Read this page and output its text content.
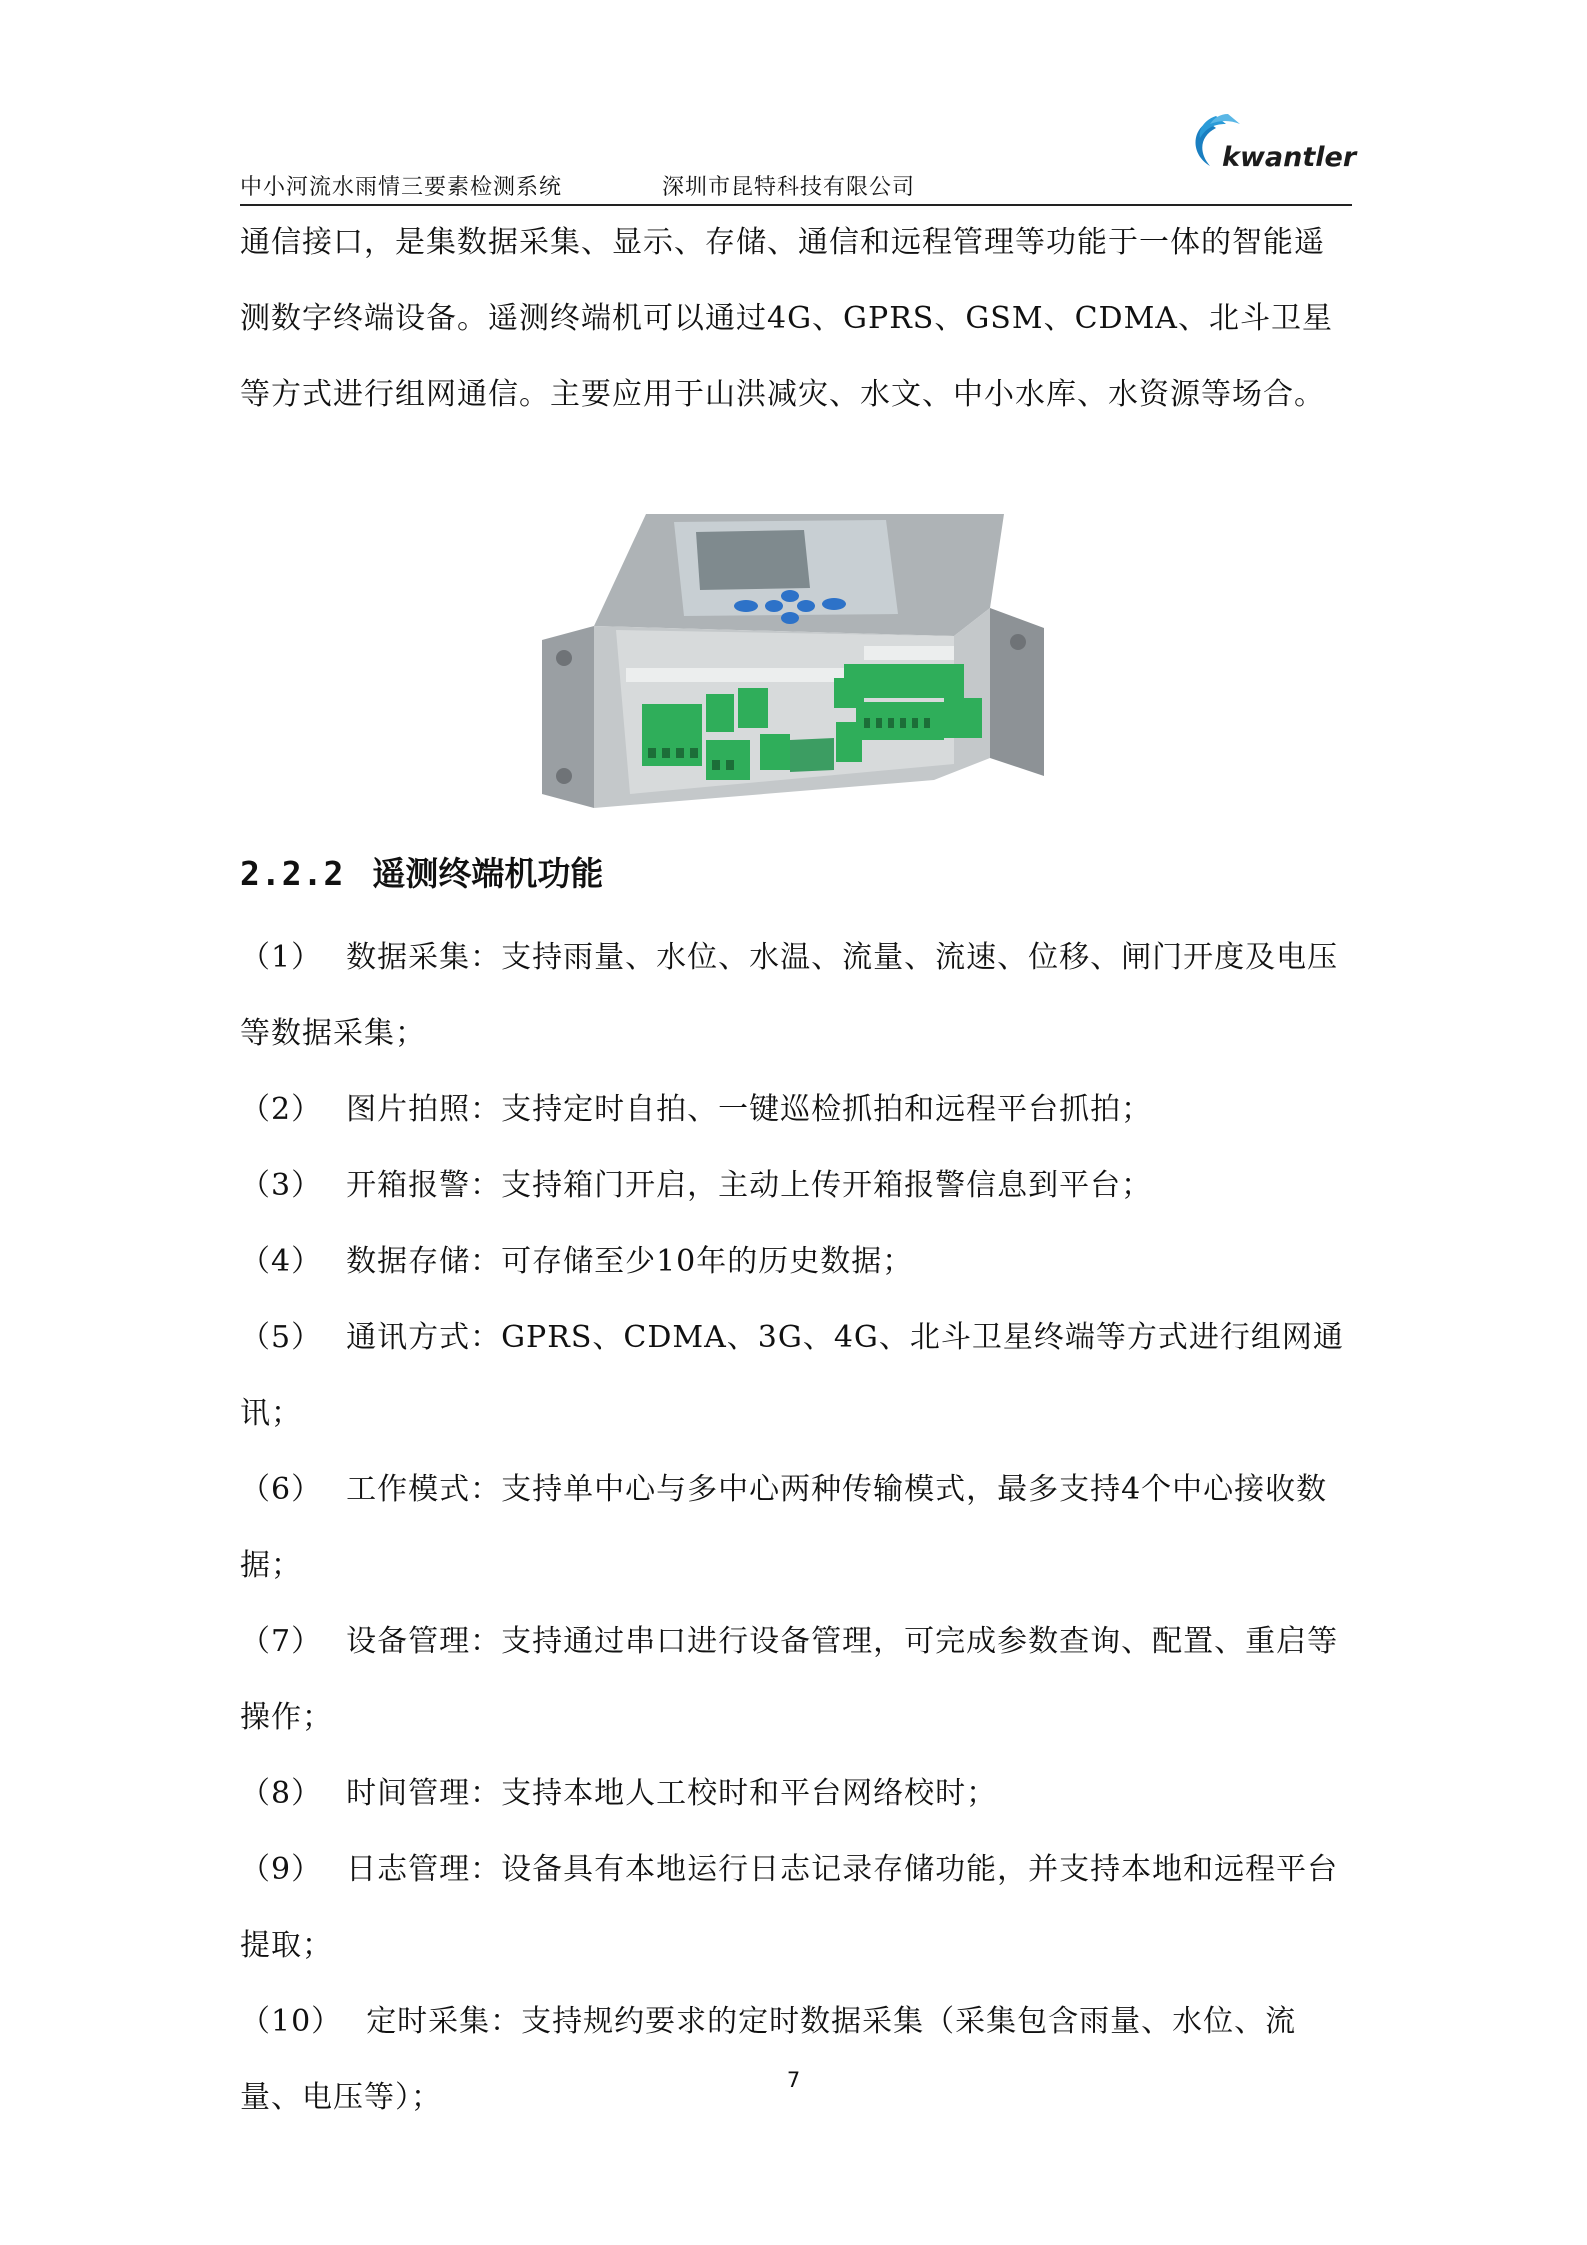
中小河流水雨情三要素检测系统	深圳市昆特科技有限公司
kwantler

通信接口，是集数据采集、显示、存储、通信和远程管理等功能于一体的智能遥测数字终端设备。遥测终端机可以通过4G、GPRS、GSM、CDMA、北斗卫星等方式进行组网通信。主要应用于山洪减灾、水文、中小水库、水资源等场合。

2.2.2 遥测终端机功能
（1） 数据采集：支持雨量、水位、水温、流量、流速、位移、闸门开度及电压等数据采集；
（2） 图片拍照：支持定时自拍、一键巡检抓拍和远程平台抓拍；
（3） 开箱报警：支持箱门开启，主动上传开箱报警信息到平台；
（4） 数据存储：可存储至少10年的历史数据；
（5） 通讯方式：GPRS、CDMA、3G、4G、北斗卫星终端等方式进行组网通讯；
（6） 工作模式：支持单中心与多中心两种传输模式，最多支持4个中心接收数据；
（7） 设备管理：支持通过串口进行设备管理，可完成参数查询、配置、重启等操作；
（8） 时间管理：支持本地人工校时和平台网络校时；
（9） 日志管理：设备具有本地运行日志记录存储功能，并支持本地和远程平台提取；
（10） 定时采集：支持规约要求的定时数据采集（采集包含雨量、水位、流量、电压等）；	7
